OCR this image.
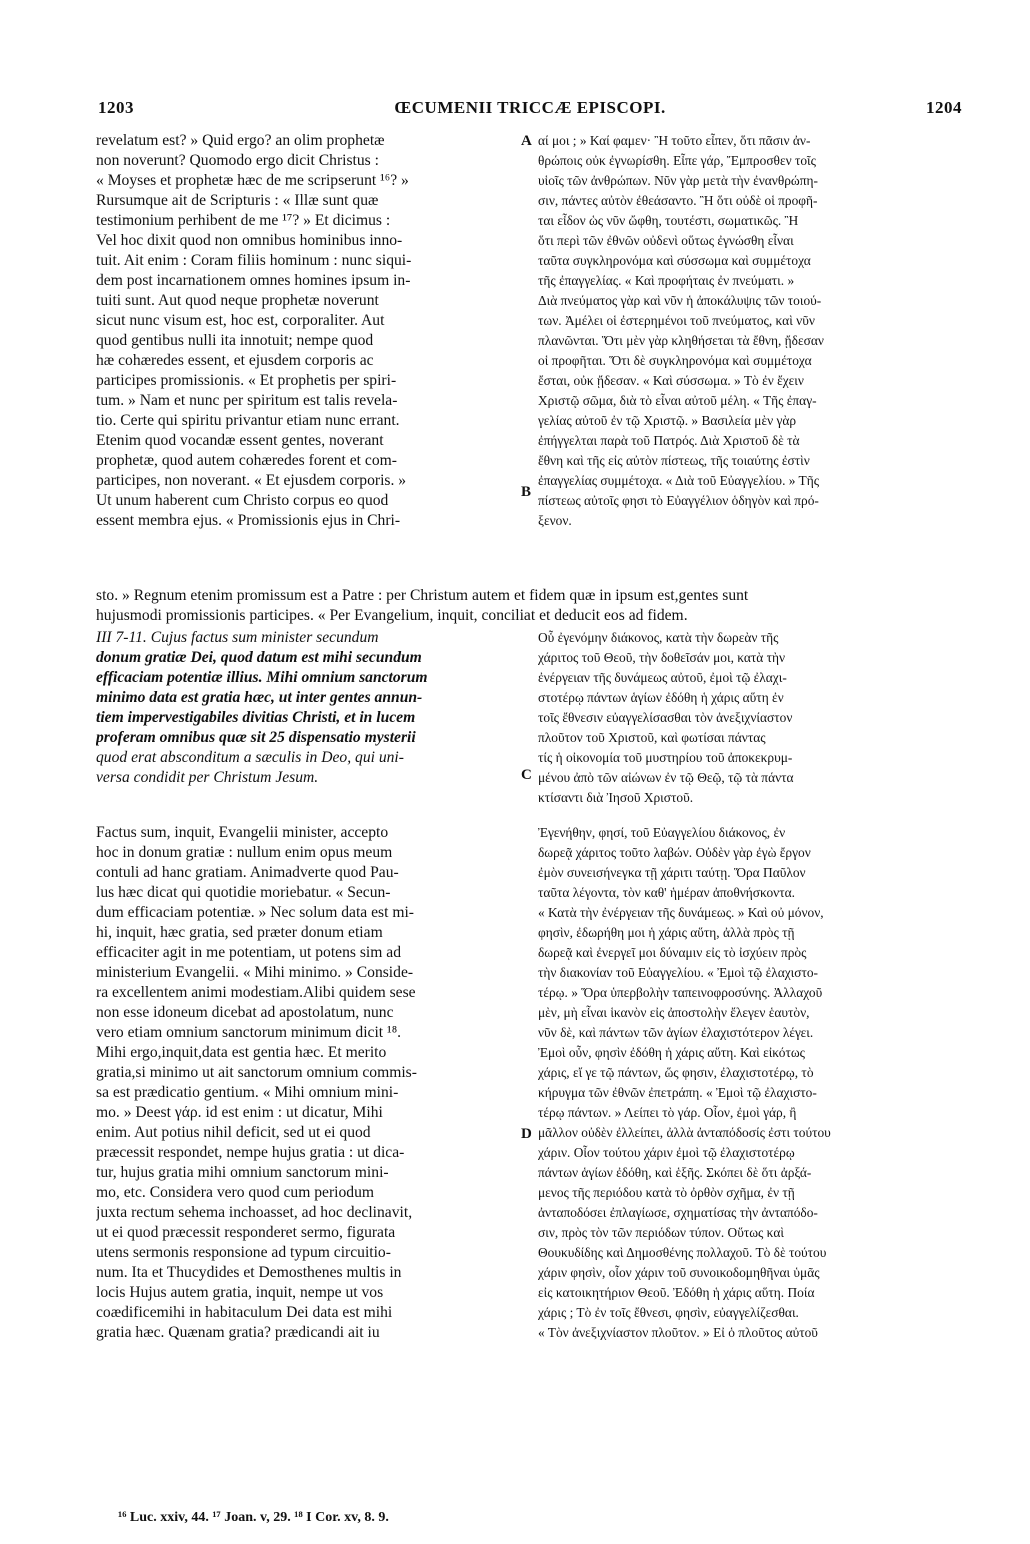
1203	ŒCUMENII TRICCÆ EPISCOPI.	1204
revelatum est? » Quid ergo? an olim prophetæ
non noverunt? Quomodo ergo dicit Christus :
« Moyses et prophetæ hæc de me scripserunt ¹⁶? »
Rursumque ait de Scripturis : « Illæ sunt quæ
testimonium perhibent de me ¹⁷? » Et dicimus :
Vel hoc dixit quod non omnibus hominibus inno-
tuit. Ait enim : Coram filiis hominum : nunc siqui-
dem post incarnationem omnes homines ipsum in-
tuiti sunt. Aut quod neque prophetæ noverunt
sicut nunc visum est, hoc est, corporaliter. Aut
quod gentibus nulli ita innotuit; nempe quod
hæ cohæredes essent, et ejusdem corporis ac
participes promissionis. « Et prophetis per spiri-
tum. » Nam et nunc per spiritum est talis revela-
tio. Certe qui spiritu privantur etiam nunc errant.
Etenim quod vocandæ essent gentes, noverant
prophetæ, quod autem cohæredes forent et com-
participes, non noverant. « Et ejusdem corporis. »
Ut unum haberent cum Christo corpus eo quod
essent membra ejus. « Promissionis ejus in Chri-
αί μοι ; » Καί φαμεν· Ἢ τοῦτο εἶπεν, ὅτι πᾶσιν ἀν-
θρώποις οὐκ ἐγνωρίσθη. Εἶπε γάρ, Ἔμπροσθεν τοῖς
υἱοῖς τῶν ἀνθρώπων. Νῦν γὰρ μετὰ τὴν ἐνανθρώπη-
σιν, πάντες αὐτὸν ἐθεάσαντο. Ἢ ὅτι οὐδὲ οἱ προφῆ-
ται εἶδον ὡς νῦν ὤφθη, τουτέστι, σωματικῶς. Ἢ
ὅτι περὶ τῶν ἐθνῶν οὐδενὶ οὕτως ἐγνώσθη εἶναι
ταῦτα συγκληρονόμα καὶ σύσσωμα καὶ συμμέτοχα
τῆς ἐπαγγελίας. « Καὶ προφήταις ἐν πνεύματι. »
Διὰ πνεύματος γὰρ καὶ νῦν ἡ ἀποκάλυψις τῶν τοιού-
των. Ἀμέλει οἱ ἐστερημένοι τοῦ πνεύματος, καὶ νῦν
πλανῶνται. Ὅτι μὲν γὰρ κληθήσεται τὰ ἔθνη, ᾔδεσαν
οἱ προφῆται. Ὅτι δὲ συγκληρονόμα καὶ συμμέτοχα
ἔσται, οὐκ ᾔδεσαν. « Καὶ σύσσωμα. » Τὸ ἐν ἔχειν
Χριστῷ σῶμα, διὰ τὸ εἶναι αὐτοῦ μέλη. « Τῆς ἐπαγ-
γελίας αὐτοῦ ἐν τῷ Χριστῷ. » Βασιλεία μὲν γὰρ
ἐπήγγελται παρὰ τοῦ Πατρός. Διὰ Χριστοῦ δὲ τὰ
ἔθνη καὶ τῆς εἰς αὐτὸν πίστεως, τῆς τοιαύτης ἐστὶν
ἐπαγγελίας συμμέτοχα. « Διὰ τοῦ Εὐαγγελίου. » Τῆς
πίστεως αὐτοῖς φησι τὸ Εὐαγγέλιον ὁδηγὸν καὶ πρό-
ξενον.
sto. » Regnum etenim promissum est a Patre : per Christum autem et fidem quæ in ipsum est,gentes sunt
hujusmodi promissionis participes. « Per Evangelium, inquit, conciliat et deducit eos ad fidem.
III 7-11. Cujus factus sum minister secundum
donum gratiæ Dei, quod datum est mihi secundum
efficaciam potentiæ illius. Mihi omnium sanctorum
minimo data est gratia hæc, ut inter gentes annun-
tiem impervestigabiles divitias Christi, et in lucem
proferam omnibus quæ sit 25 dispensatio mysterii
quod erat absconditum a sæculis in Deo, qui uni-
versa condidit per Christum Jesum.
Οὗ ἐγενόμην διάκονος, κατὰ τὴν δωρεὰν τῆς
χάριτος τοῦ Θεοῦ, τὴν δοθεῖσάν μοι, κατὰ τὴν
ἐνέργειαν τῆς δυνάμεως αὐτοῦ, ἐμοὶ τῷ ἐλαχι-
στοτέρῳ πάντων ἁγίων ἐδόθη ἡ χάρις αὕτη ἐν
τοῖς ἔθνεσιν εὐαγγελίσασθαι τὸν ἀνεξιχνίαστον
πλοῦτον τοῦ Χριστοῦ, καὶ φωτίσαι πάντας
τίς ἡ οἰκονομία τοῦ μυστηρίου τοῦ ἀποκεκρυμ-
μένου ἀπὸ τῶν αἰώνων ἐν τῷ Θεῷ, τῷ τὰ πάντα
κτίσαντι διὰ Ἰησοῦ Χριστοῦ.
Factus sum, inquit, Evangelii minister, accepto
hoc in donum gratiæ : nullum enim opus meum
contuli ad hanc gratiam. Animadverte quod Pau-
lus hæc dicat qui quotidie moriebatur. « Secun-
dum efficaciam potentiæ. » Nec solum data est mi-
hi, inquit, hæc gratia, sed præter donum etiam
efficaciter agit in me potentiam, ut potens sim ad
ministerium Evangelii. « Mihi minimo. » Conside-
ra excellentem animi modestiam.Alibi quidem sese
non esse idoneum dicebat ad apostolatum, nunc
vero etiam omnium sanctorum minimum dicit ¹⁸.
Mihi ergo,inquit,data est gentia hæc. Et merito
gratia,si minimo ut ait sanctorum omnium commis-
sa est prædicatio gentium. « Mihi omnium mini-
mo. » Deest γάρ. id est enim : ut dicatur, Mihi
enim. Aut potius nihil deficit, sed ut ei quod
præcessit respondet, nempe hujus gratia : ut dica-
tur, hujus gratia mihi omnium sanctorum mini-
mo, etc. Considera vero quod cum periodum
juxta rectum sehema inchoasset, ad hoc declinavit,
ut ei quod præcessit responderet sermo, figurata
utens sermonis responsione ad typum circuitio-
num. Ita et Thucydides et Demosthenes multis in
locis Hujus autem gratia, inquit, nempe ut vos
coædificemihi in habitaculum Dei data est mihi
gratia hæc. Quænam gratia? prædicandi ait iu
Ἐγενήθην, φησί, τοῦ Εὐαγγελίου διάκονος, ἐν
δωρεᾷ χάριτος τοῦτο λαβών. Οὐδὲν γὰρ ἐγὼ ἔργον
ἐμὸν συνεισήνεγκα τῇ χάριτι ταύτῃ. Ὅρα Παῦλον
ταῦτα λέγοντα, τὸν καθ' ἡμέραν ἀποθνήσκοντα.
« Κατὰ τὴν ἐνέργειαν τῆς δυνάμεως. » Καὶ οὐ μόνον,
φησὶν, ἐδωρήθη μοι ἡ χάρις αὕτη, ἀλλὰ πρὸς τῇ
δωρεᾷ καὶ ἐνεργεῖ μοι δύναμιν εἰς τὸ ἰσχύειν πρὸς
τὴν διακονίαν τοῦ Εὐαγγελίου. « Ἐμοὶ τῷ ἐλαχιστο-
τέρῳ. » Ὅρα ὑπερβολὴν ταπεινοφροσύνης. Ἀλλαχοῦ
μὲν, μὴ εἶναι ἱκανὸν εἰς ἀποστολὴν ἔλεγεν ἑαυτὸν,
νῦν δὲ, καὶ πάντων τῶν ἁγίων ἐλαχιστότερον λέγει.
Ἐμοὶ οὖν, φησὶν ἐδόθη ἡ χάρις αὕτη. Καὶ εἰκότως
χάρις, εἴ γε τῷ πάντων, ὥς φησιν, ἐλαχιστοτέρῳ, τὸ
κήρυγμα τῶν ἐθνῶν ἐπετράπη. « Ἐμοὶ τῷ ἐλαχιστο-
τέρῳ πάντων. » Λείπει τὸ γάρ. Οἷον, ἐμοὶ γάρ, ἢ
μᾶλλον οὐδὲν ἐλλείπει, ἀλλὰ ἀνταπόδοσίς ἐστι τούτου
χάριν. Οἷον τούτου χάριν ἐμοὶ τῷ ἐλαχιστοτέρῳ
πάντων ἁγίων ἐδόθη, καὶ ἑξῆς. Σκόπει δὲ ὅτι ἀρξά-
μενος τῆς περιόδου κατὰ τὸ ὀρθὸν σχῆμα, ἐν τῇ
ἀνταποδόσει ἐπλαγίωσε, σχηματίσας τὴν ἀνταπόδο-
σιν, πρὸς τὸν τῶν περιόδων τύπον. Οὕτως καὶ
Θουκυδίδης καὶ Δημοσθένης πολλαχοῦ. Τὸ δὲ τούτου
χάριν φησὶν, οἷον χάριν τοῦ συνοικοδομηθῆναι ὑμᾶς
εἰς κατοικητήριον Θεοῦ. Ἐδόθη ἡ χάρις αὕτη. Ποία
χάρις ; Τὸ ἐν τοῖς ἔθνεσι, φησὶν, εὐαγγελίζεσθαι.
« Τὸν ἀνεξιχνίαστον πλοῦτον. » Εἰ ὁ πλοῦτος αὐτοῦ
A
B
C
D
¹⁶ Luc. xxiv, 44. ¹⁷ Joan. v, 29. ¹⁸ I Cor. xv, 8. 9.
